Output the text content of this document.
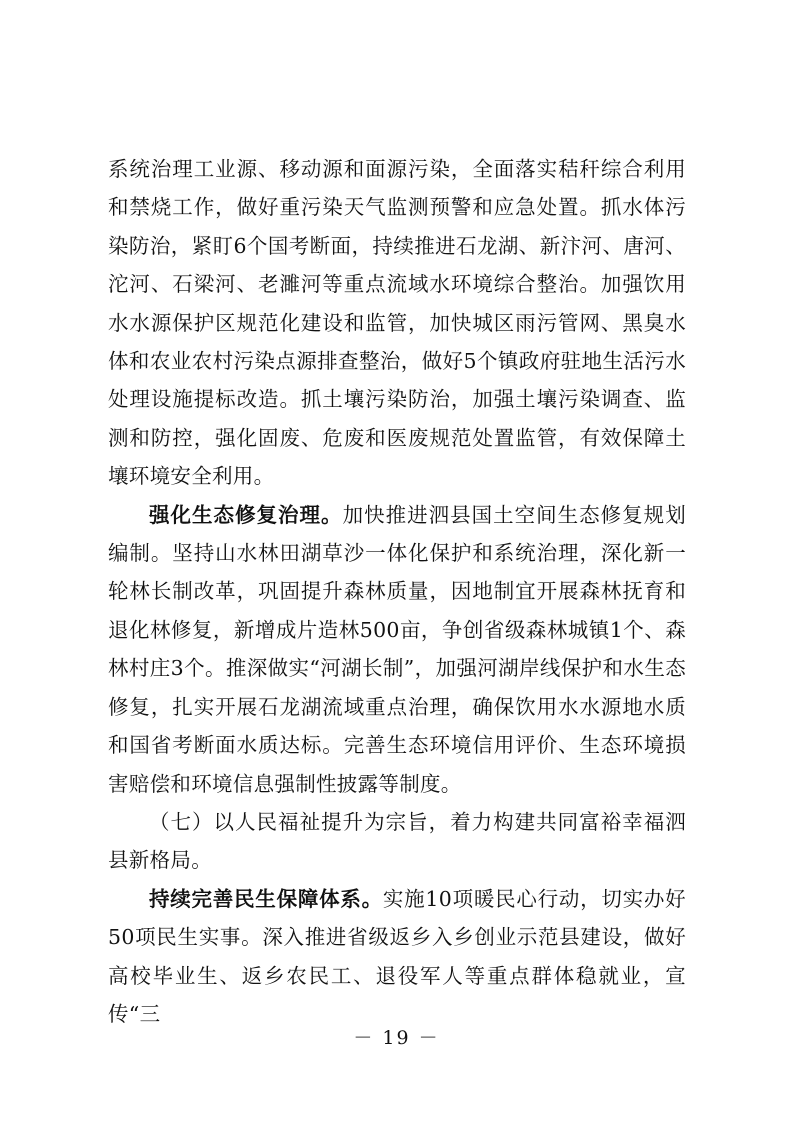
系统治理工业源、移动源和面源污染，全面落实秸秆综合利用和禁烧工作，做好重污染天气监测预警和应急处置。抓水体污染防治，紧盯6个国考断面，持续推进石龙湖、新汴河、唐河、沱河、石梁河、老濉河等重点流域水环境综合整治。加强饮用水水源保护区规范化建设和监管，加快城区雨污管网、黑臭水体和农业农村污染点源排查整治，做好5个镇政府驻地生活污水处理设施提标改造。抓土壤污染防治，加强土壤污染调查、监测和防控，强化固废、危废和医废规范处置监管，有效保障土壤环境安全利用。

强化生态修复治理。加快推进泗县国土空间生态修复规划编制。坚持山水林田湖草沙一体化保护和系统治理，深化新一轮林长制改革，巩固提升森林质量，因地制宜开展森林抚育和退化林修复，新增成片造林500亩，争创省级森林城镇1个、森林村庄3个。推深做实“河湖长制”，加强河湖岸线保护和水生态修复，扎实开展石龙湖流域重点治理，确保饮用水水源地水质和国省考断面水质达标。完善生态环境信用评价、生态环境损害赔偿和环境信息强制性披露等制度。

（七）以人民福祉提升为宗旨，着力构建共同富裕幸福泗县新格局。

持续完善民生保障体系。实施10项暖民心行动，切实办好50项民生实事。深入推进省级返乡入乡创业示范县建设，做好高校毕业生、返乡农民工、退役军人等重点群体稳就业，宣传“三

－ 19 －
